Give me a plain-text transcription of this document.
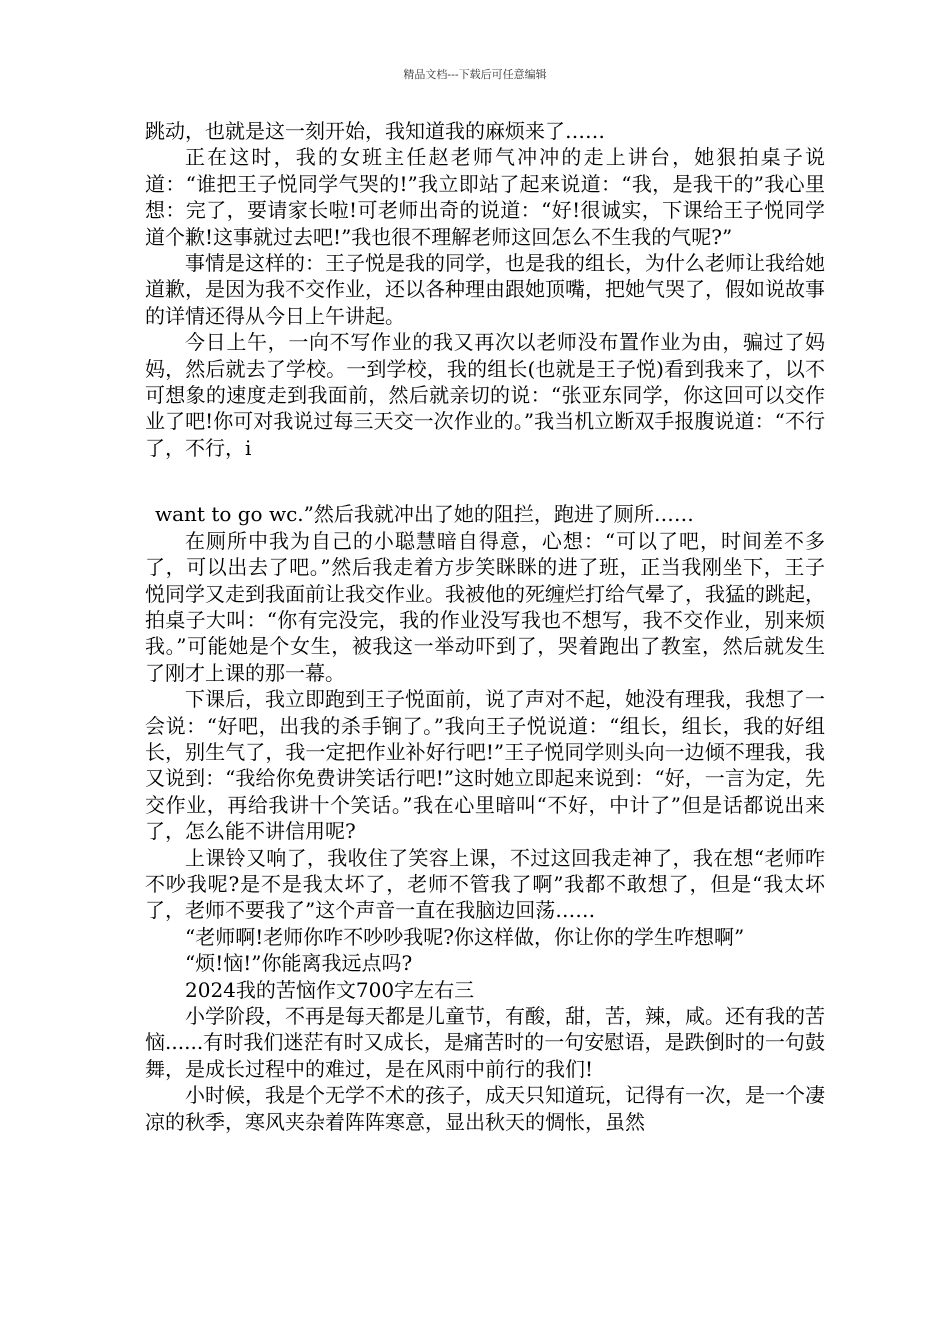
精品文档---下载后可任意编辑

跳动，也就是这一刻开始，我知道我的麻烦来了……

正在这时，我的女班主任赵老师气冲冲的走上讲台，她狠拍桌子说道：“谁把王子悦同学气哭的!”我立即站了起来说道：“我，是我干的”我心里想：完了，要请家长啦!可老师出奇的说道：“好!很诚实，下课给王子悦同学道个歉!这事就过去吧!”我也很不理解老师这回怎么不生我的气呢?”

事情是这样的：王子悦是我的同学，也是我的组长，为什么老师让我给她道歉，是因为我不交作业，还以各种理由跟她顶嘴，把她气哭了，假如说故事的详情还得从今日上午讲起。

今日上午，一向不写作业的我又再次以老师没布置作业为由，骗过了妈妈，然后就去了学校。一到学校，我的组长(也就是王子悦)看到我来了，以不可想象的速度走到我面前，然后就亲切的说：“张亚东同学，你这回可以交作业了吧!你可对我说过每三天交一次作业的。”我当机立断双手报腹说道：“不行了，不行，i

want to go wc.”然后我就冲出了她的阻拦，跑进了厕所……

在厕所中我为自己的小聪慧暗自得意，心想：“可以了吧，时间差不多了，可以出去了吧。”然后我走着方步笑眯眯的进了班，正当我刚坐下，王子悦同学又走到我面前让我交作业。我被他的死缠烂打给气晕了，我猛的跳起，拍桌子大叫：“你有完没完，我的作业没写我也不想写，我不交作业，别来烦我。”可能她是个女生，被我这一举动吓到了，哭着跑出了教室，然后就发生了刚才上课的那一幕。

下课后，我立即跑到王子悦面前，说了声对不起，她没有理我，我想了一会说：“好吧，出我的杀手锏了。”我向王子悦说道：“组长，组长，我的好组长，别生气了，我一定把作业补好行吧!”王子悦同学则头向一边倾不理我，我又说到：“我给你免费讲笑话行吧!”这时她立即起来说到：“好，一言为定，先交作业，再给我讲十个笑话。”我在心里暗叫“不好，中计了”但是话都说出来了，怎么能不讲信用呢?

上课铃又响了，我收住了笑容上课，不过这回我走神了，我在想“老师咋不吵我呢?是不是我太坏了，老师不管我了啊”我都不敢想了，但是“我太坏了，老师不要我了”这个声音一直在我脑边回荡……

“老师啊!老师你咋不吵吵我呢?你这样做，你让你的学生咋想啊”

“烦!恼!”你能离我远点吗?

2024我的苦恼作文700字左右三

小学阶段，不再是每天都是儿童节，有酸，甜，苦，辣，咸。还有我的苦恼......有时我们迷茫有时又成长，是痛苦时的一句安慰语，是跌倒时的一句鼓舞，是成长过程中的难过，是在风雨中前行的我们!

小时候，我是个无学不术的孩子，成天只知道玩，记得有一次，是一个凄凉的秋季，寒风夹杂着阵阵寒意，显出秋天的惆怅，虽然
